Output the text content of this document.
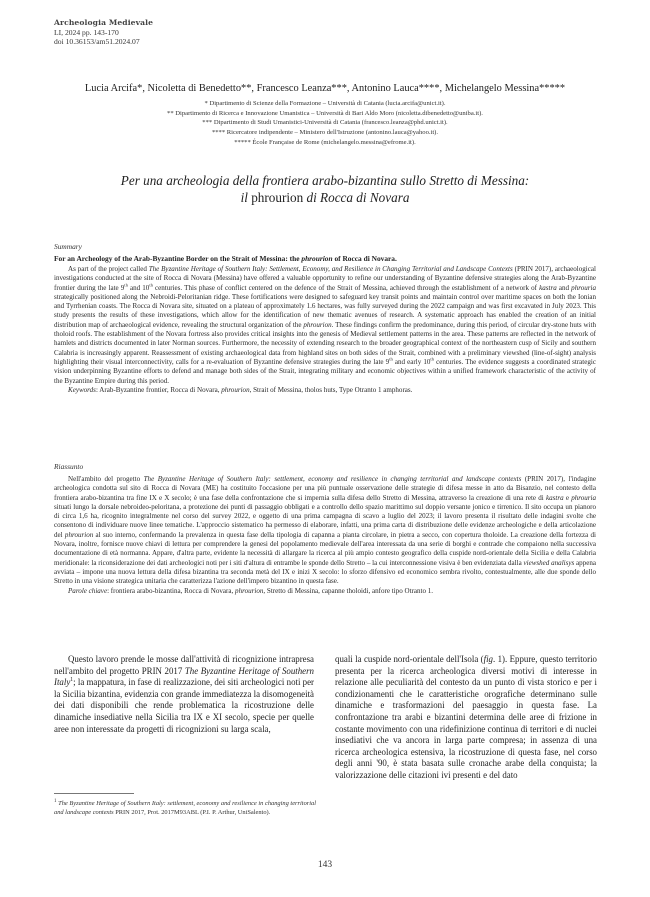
Archeologia Medievale
LI, 2024 pp. 143-170
doi 10.36153/am51.2024.07
Lucia Arcifa*, Nicoletta di Benedetto**, Francesco Leanza***, Antonino Lauca****, Michelangelo Messina*****
* Dipartimento di Scienze della Formazione – Università di Catania (lucia.arcifa@unict.it).
** Dipartimento di Ricerca e Innovazione Umanistica – Università di Bari Aldo Moro (nicoletta.dibenedetto@uniba.it).
*** Dipartimento di Studi Umanistici-Università di Catania (francesco.leanza@phd.unict.it).
**** Ricercatore indipendente – Ministero dell'Istruzione (antonino.lauca@yahoo.it).
***** École Française de Rome (michelangelo.messina@efrome.it).
Per una archeologia della frontiera arabo-bizantina sullo Stretto di Messina:
il phrourion di Rocca di Novara
Summary
For an Archeology of the Arab-Byzantine Border on the Strait of Messina: the phrourion of Rocca di Novara.

As part of the project called The Byzantine Heritage of Southern Italy: Settlement, Economy, and Resilience in Changing Territorial and Landscape Contexts (PRIN 2017), archaeological investigations conducted at the site of Rocca di Novara (Messina) have offered a valuable opportunity to refine our understanding of Byzantine defensive strategies along the Arab-Byzantine frontier during the late 9th and 10th centuries. This phase of conflict centered on the defence of the Strait of Messina, achieved through the establishment of a network of kastra and phrouria strategically positioned along the Nebroidi-Peloritanian ridge. These fortifications were designed to safeguard key transit points and maintain control over maritime spaces on both the Ionian and Tyrrhenian coasts. The Rocca di Novara site, situated on a plateau of approximately 1.6 hectares, was fully surveyed during the 2022 campaign and was first excavated in July 2023. This study presents the results of these investigations, which allow for the identification of new thematic avenues of research. A systematic approach has enabled the creation of an initial distribution map of archaeological evidence, revealing the structural organization of the phrourion. These findings confirm the predominance, during this period, of circular dry-stone huts with tholoid roofs. The establishment of the Novara fortress also provides critical insights into the genesis of Medieval settlement patterns in the area. These patterns are reflected in the network of hamlets and districts documented in later Norman sources. Furthermore, the necessity of extending research to the broader geographical context of the northeastern cusp of Sicily and southern Calabria is increasingly apparent. Reassessment of existing archaeological data from highland sites on both sides of the Strait, combined with a preliminary viewshed (line-of-sight) analysis highlighting their visual interconnectivity, calls for a re-evaluation of Byzantine defensive strategies during the late 9th and early 10th centuries. The evidence suggests a coordinated strategic vision underpinning Byzantine efforts to defend and manage both sides of the Strait, integrating military and economic objectives within a unified framework characteristic of the activity of the Byzantine Empire during this period.

Keywords: Arab-Byzantine frontier, Rocca di Novara, phrourion, Strait of Messina, tholos huts, Type Otranto 1 amphoras.

Riassunto

Nell'ambito del progetto The Byzantine Heritage of Southern Italy: settlement, economy and resilience in changing territorial and landscape contexts (PRIN 2017), l'indagine archeologica condotta sul sito di Rocca di Novara (ME) ha costituito l'occasione per una più puntuale osservazione delle strategie di difesa messe in atto da Bisanzio, nel contesto della frontiera arabo-bizantina tra fine IX e X secolo; è una fase della confrontazione che si imperniа sulla difesa dello Stretto di Messina, attraverso la creazione di una rete di kastra e phrouria situati lungo la dorsale nebroideo-peloritana, a protezione dei punti di passaggio obbligati e a controllo dello spazio marittimo sul doppio versante jonico e tirrenico. Il sito occupa un pianoro di circa 1,6 ha, ricognito integralmente nel corso del survey 2022, e oggetto di una prima campagna di scavo a luglio del 2023; il lavoro presenta il risultato delle indagini svolte che consentono di individuare nuove linee tematiche. L'approccio sistematico ha permesso di elaborare, infatti, una prima carta di distribuzione delle evidenze archeologiche e della articolazione del phrourion al suo interno, confermando la prevalenza in questa fase della tipologia di capanna a pianta circolare, in pietra a secco, con copertura tholoide. La creazione della fortezza di Novara, inoltre, fornisce nuove chiavi di lettura per comprendere la genesi del popolamento medievale dell'area interessata da una serie di borghi e contrade che compaiono nella successiva documentazione di età normanna. Appare, d'altra parte, evidente la necessità di allargare la ricerca al più ampio contesto geografico della cuspide nord-orientale della Sicilia e della Calabria meridionale: la riconsiderazione dei dati archeologici noti per i siti d'altura di entrambe le sponde dello Stretto – la cui interconnessione visiva è ben evidenziata dalla viewshed analisys appena avviata – impone una nuova lettura della difesa bizantina tra seconda metà del IX e inizi X secolo: lo sforzo difensivo ed economico sembra rivolto, contestualmente, alle due sponde dello Stretto in una visione strategica unitaria che caratterizza l'azione dell'impero bizantino in questa fase.

Parole chiave: frontiera arabo-bizantina, Rocca di Novara, phrourion, Stretto di Messina, capanne tholoidi, anfore tipo Otranto 1.

Questo lavoro prende le mosse dall'attività di ricognizione intrapresa nell'ambito del progetto PRIN 2017 The Byzantine Heritage of Southern Italy$^1$; la mappatura, in fase di realizzazione, dei siti archeologici noti per la Sicilia bizantina, evidenzia con grande immediatezza la disomogeneità dei dati disponibili che rende problematica la ricostruzione delle dinamiche insediative nella Sicilia tra IX e XI secolo, specie per quelle aree non interessate da progetti di ricognizioni su larga scala,

quali la cuspide nord-orientale dell'Isola (fig. 1). Eppure, questo territorio presenta per la ricerca archeologica diversi motivi di interesse in relazione alle peculiarità del contesto da un punto di vista storico e per i condizionamenti che le caratteristiche orografiche determinano sulle dinamiche e trasformazioni del paesaggio in questa fase. La confrontazione tra arabi e bizantini determina delle aree di frizione in costante movimento con una ridefinizione continua di territori e di nuclei insediativi che va ancora in larga parte compresa; in assenza di una ricerca archeologica estensiva, la ricostruzione di questa fase, nel corso degli anni '90, è stata basata sulle cronache arabe della conquista; la valorizzazione delle citazioni ivi presenti e del dato

$^1$ The Byzantine Heritage of Southern Italy: settlement, economy and resilience in changing territorial and landscape contexts PRIN 2017, Prot. 2017M93ABL (P.I. P. Arthur, UniSalento).
143
